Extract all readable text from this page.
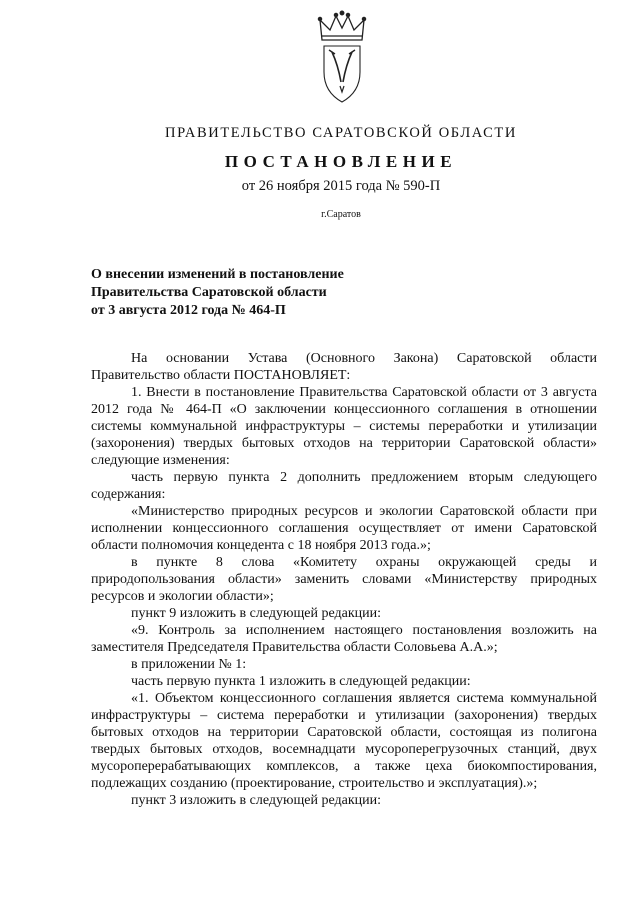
ПРАВИТЕЛЬСТВО САРАТОВСКОЙ ОБЛАСТИ
ПОСТАНОВЛЕНИЕ
от 26 ноября 2015 года № 590-П
г.Саратов
О внесении изменений в постановление
Правительства Саратовской области
от 3 августа 2012 года № 464-П

На основании Устава (Основного Закона) Саратовской области Правительство области ПОСТАНОВЛЯЕТ:

1. Внести в постановление Правительства Саратовской области от 3 августа 2012 года № 464-П «О заключении концессионного соглашения в отношении системы коммунальной инфраструктуры – системы переработки и утилизации (захоронения) твердых бытовых отходов на территории Саратовской области» следующие изменения:

часть первую пункта 2 дополнить предложением вторым следующего содержания:

«Министерство природных ресурсов и экологии Саратовской области при исполнении концессионного соглашения осуществляет от имени Саратовской области полномочия концедента с 18 ноября 2013 года.»;

в пункте 8 слова «Комитету охраны окружающей среды и природопользования области» заменить словами «Министерству природных ресурсов и экологии области»;

пункт 9 изложить в следующей редакции:

«9. Контроль за исполнением настоящего постановления возложить на заместителя Председателя Правительства области Соловьева А.А.»;

в приложении № 1:

часть первую пункта 1 изложить в следующей редакции:

«1. Объектом концессионного соглашения является система коммунальной инфраструктуры – система переработки и утилизации (захоронения) твердых бытовых отходов на территории Саратовской области, состоящая из полигона твердых бытовых отходов, восемнадцати мусороперегрузочных станций, двух мусороперерабатывающих комплексов, а также цеха биокомпостирования, подлежащих созданию (проектирование, строительство и эксплуатация).»;

пункт 3 изложить в следующей редакции:
